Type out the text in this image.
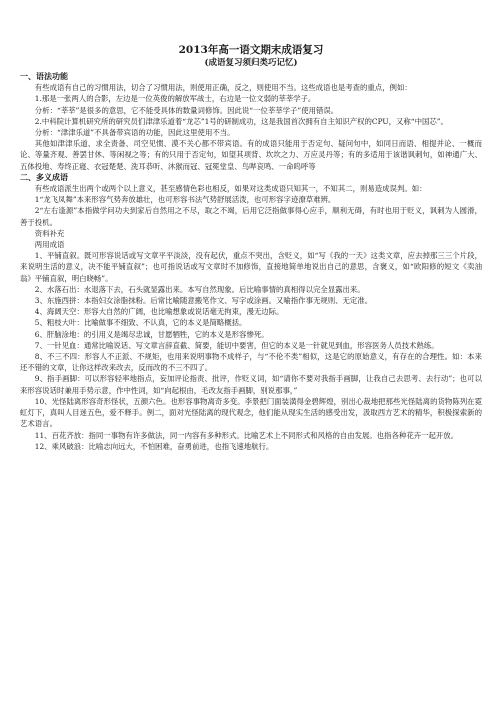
2013年高一语文期末成语复习
(成语复习须归类巧记忆)
一、语法功能
有些成语有自己的习惯用法，切合了习惯用法，则使用正确，反之，则使用不当。这些成语也是考查的重点，例如：
1.那是一张两人的合影，左边是一位英俊的解放军战士，右边是一位文弱的莘莘学子。
分析：“莘莘”是很多的意思，它不能受具体的数量词修饰。因此说“一位莘莘学子”使用错误。
2.中科院计算机研究所的研究员们津津乐道着“龙芯”1号的研制成功，这是我国首次拥有自主知识产权的CPU，又称“中国芯”。
分析：“津津乐道”不具备带宾语的功能，因此这里使用不当。
其他如津津乐道、求全责备、司空见惯、漠不关心都不带宾语。有的成语只能用于否定句、疑问句中，如同日而语、相提并论、一概而论、等量齐观、善罢甘休、等闲视之等；有的只用于否定句，如望其项背、坎坎之力、万应灵丹等；有的多适用于该谐讽刺句，如神通广大、五体投地、寿终正寝、衣冠楚楚、洗耳恭听、沐猴而冠、冠冕堂皇、鸟哔哀鸣、一命呜呼等
二、多义成语
有些成语派生出两个或两个以上意义，甚至感情色彩也相反，如果对这类成语只知其一，不知其二，则易造成误判。如：
1“龙飞凤舞”本来形容气势奔放雄壮，也可形容书法气势舒展活泼，也可形容字迹潦草难辨。
2“左右逢源”本指做学问功夫到家后自然用之不尽，取之不竭，后用它泛指做事得心应手，顺利无碍，有时也用于贬义，讽刺为人圆滑，善于投机。
资料补充
两用成语
1、平铺直叙。既可形容说话或写文章平平淡淡，没有起伏，重点不突出，含贬义，如“写《我的一天》这类文章，应去掉那三三个片段，来说明生活的意义，决不能平铺直叙”；也可指说话或写文章时不加修饰，直接地简单地说出自己的意思，含褒义，如“欧阳修的短文《卖油翁》平铺直叙，明白晓畅”。
2、水落石出：水退落下去，石头就显露出来。本写自然现象。后比喻事情的真相得以完全显露出来。
3、东施西拼：本指妇女涂脂抹粉。后常比喻随意搬笔作文、写字或涂画。又喻指作事无规则、无定准。
4、海阔天空：形容大自然的广阔，也比喻想象或说话毫无拘束，漫无边际。
5、粗枝大叶：比喻做事不细致、不认真，它的本义是简略概括。
6、肝脑涂地：的引用义是竭尽忠诚，甘愿牺牲，它的本义是形容惨死。
7、一针见血：通常比喻说话、写文章言辞直截、简要，能切中要害，但它的本义是一针就见到血，形容医务人员技术熟练。
8、不三不四：形容人不正派、不规矩，也用来说明事物不成样子，与“不伦不类”相似，这是它的原始意义，有存在的合理性。如：本来还不错的文章，让你这样改来改去，反而改的不三不四了。
9、指手画脚：可以形容轻率地指点，妄加评论指责、批评，作贬义词，如“请你不要对我指手画脚，让我自己去思考、去行动”；也可以来形容说话时兼用手势示意，作中性词，如“向起根由，毛改友指手画脚，别说那事，”
10、光怪陆离形容奇形怪状，五颜六色。也形容事物离奇多变。李景把门面装潢得金碧辉煌，别出心裁地把那些光怪陆离的货物陈列在霓虹灯下，真叫人目迷五色，爱不释手。例二，面对光怪陆离的现代观念，他们能从现实生活的感受出发，汲取西方艺术的精华，积极探索新的艺术语言。
11、百花齐放：指同一事物有许多做法，同一内容有多种形式。比喻艺术上不同形式和风格的自由发展。也指各种花卉一起开放。
12、乘风破浪：比喻志向远大，不怕困难，奋勇前进，也指飞速地航行。
